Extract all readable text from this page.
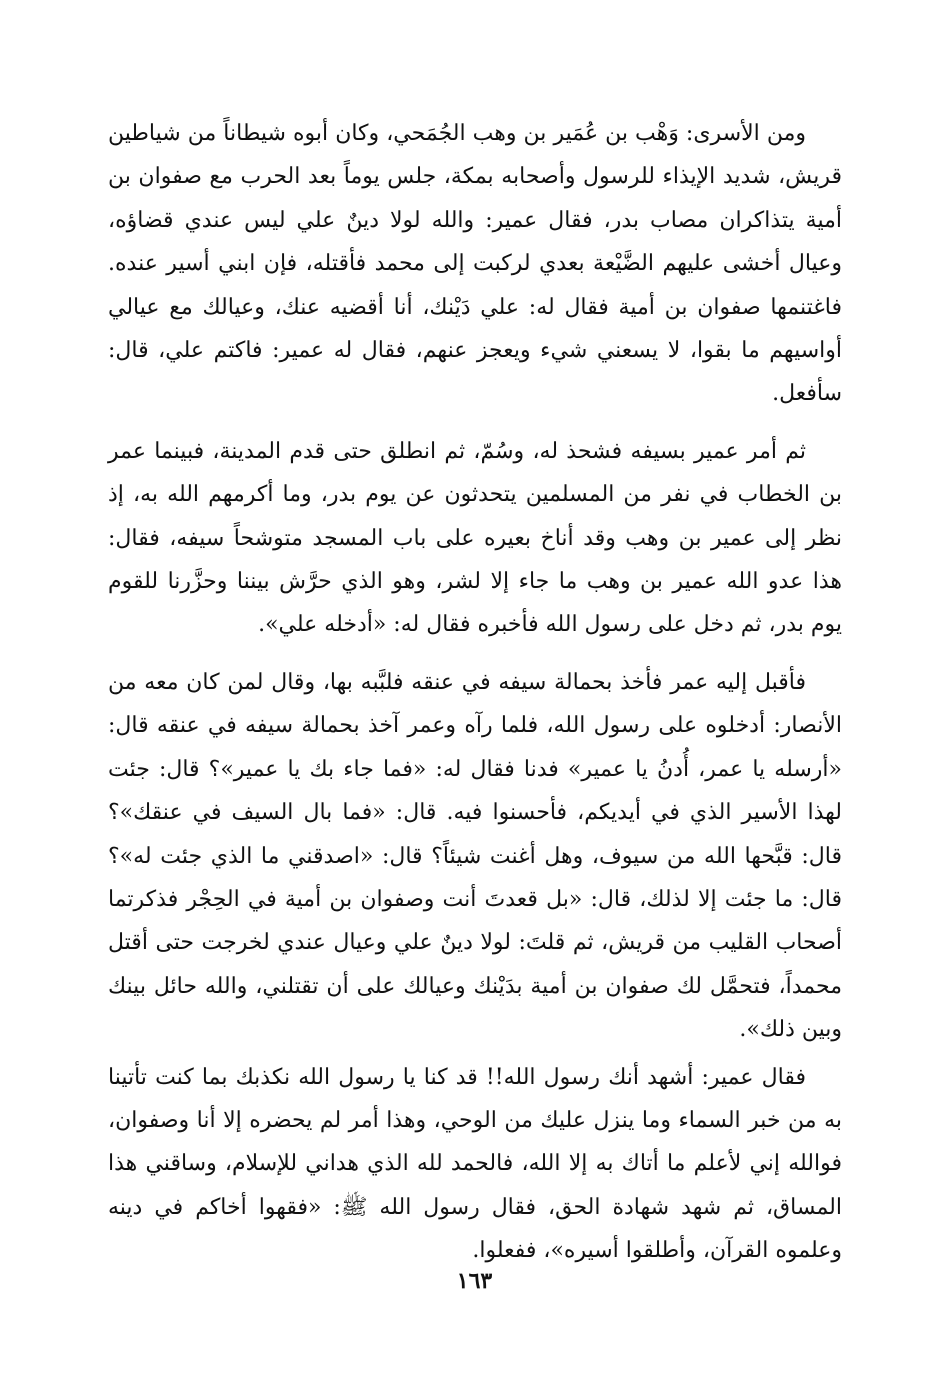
ومن الأسرى: وَهْب بن عُمَير بن وهب الجُمَحي، وكان أبوه شيطاناً من شياطين قريش، شديد الإيذاء للرسول وأصحابه بمكة، جلس يوماً بعد الحرب مع صفوان بن أمية يتذاكران مصاب بدر، فقال عمير: والله لولا دينٌ علي ليس عندي قضاؤه، وعيال أخشى عليهم الضَّيْعة بعدي لركبت إلى محمد فأقتله، فإن ابني أسير عنده. فاغتنمها صفوان بن أمية فقال له: علي دَيْنك، أنا أقضيه عنك، وعيالك مع عيالي أواسيهم ما بقوا، لا يسعني شيء ويعجز عنهم، فقال له عمير: فاكتم علي، قال: سأفعل.

ثم أمر عمير بسيفه فشحذ له، وسُمّ، ثم انطلق حتى قدم المدينة، فبينما عمر بن الخطاب في نفر من المسلمين يتحدثون عن يوم بدر، وما أكرمهم الله به، إذ نظر إلى عمير بن وهب وقد أناخ بعيره على باب المسجد متوشحاً سيفه، فقال: هذا عدو الله عمير بن وهب ما جاء إلا لشر، وهو الذي حرَّش بيننا وحزَّرنا للقوم يوم بدر، ثم دخل على رسول الله فأخبره فقال له: «أدخله علي».

فأقبل إليه عمر فأخذ بحمالة سيفه في عنقه فلبَّبه بها، وقال لمن كان معه من الأنصار: أدخلوه على رسول الله، فلما رآه وعمر آخذ بحمالة سيفه في عنقه قال: «أرسله يا عمر، أُدنُ يا عمير» فدنا فقال له: «فما جاء بك يا عمير»؟ قال: جئت لهذا الأسير الذي في أيديكم، فأحسنوا فيه. قال: «فما بال السيف في عنقك»؟ قال: قبَّحها الله من سيوف، وهل أغنت شيئاً؟ قال: «اصدقني ما الذي جئت له»؟ قال: ما جئت إلا لذلك، قال: «بل قعدتَ أنت وصفوان بن أمية في الحِجْر فذكرتما أصحاب القليب من قريش، ثم قلتَ: لولا دينٌ علي وعيال عندي لخرجت حتى أقتل محمداً، فتحمَّل لك صفوان بن أمية بدَيْنك وعيالك على أن تقتلني، والله حائل بينك وبين ذلك».

فقال عمير: أشهد أنك رسول الله!! قد كنا يا رسول الله نكذبك بما كنت تأتينا به من خبر السماء وما ينزل عليك من الوحي، وهذا أمر لم يحضره إلا أنا وصفوان، فوالله إني لأعلم ما أتاك به إلا الله، فالحمد لله الذي هداني للإسلام، وساقني هذا المساق، ثم شهد شهادة الحق، فقال رسول الله ﷺ: «فقهوا أخاكم في دينه وعلموه القرآن، وأطلقوا أسيره»، ففعلوا.

١٦٣
